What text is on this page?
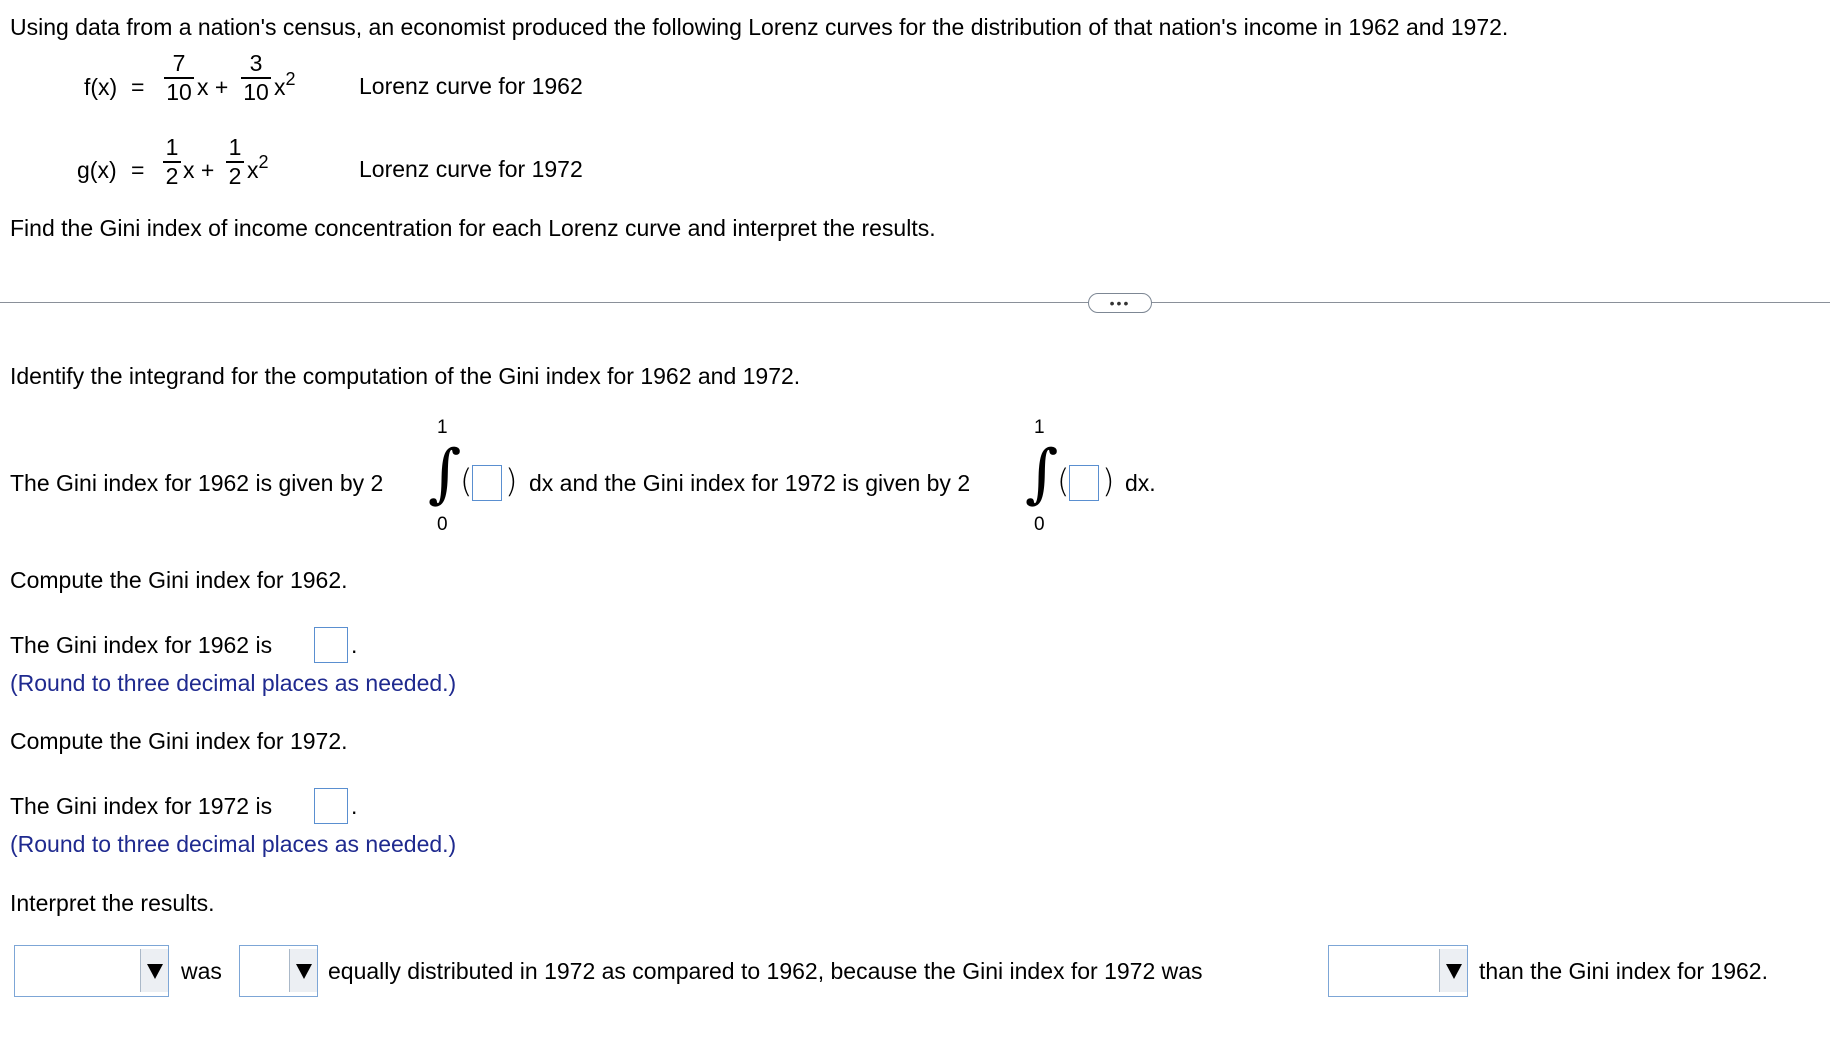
Using data from a nation's census, an economist produced the following Lorenz curves for the distribution of that nation's income in 1962 and 1972.
f(x) =
7
10 x +
3
10 $x^2$	Lorenz curve for 1962
g(x) =
1
2 x +
1
2 $x^2$	Lorenz curve for 1972
Find the Gini index of income concentration for each Lorenz curve and interpret the results.
•••
Identify the integrand for the computation of the Gini index for 1962 and 1972.
The Gini index for 1962 is given by 2
1
∫
0
( ) dx and the Gini index for 1972 is given by 2
1
∫
0
( ) dx.
Compute the Gini index for 1962.
The Gini index for 1962 is	.
(Round to three decimal places as needed.)
Compute the Gini index for 1972.
The Gini index for 1972 is	.
(Round to three decimal places as needed.)
Interpret the results.
was	equally distributed in 1972 as compared to 1962, because the Gini index for 1972 was	than the Gini index for 1962.
